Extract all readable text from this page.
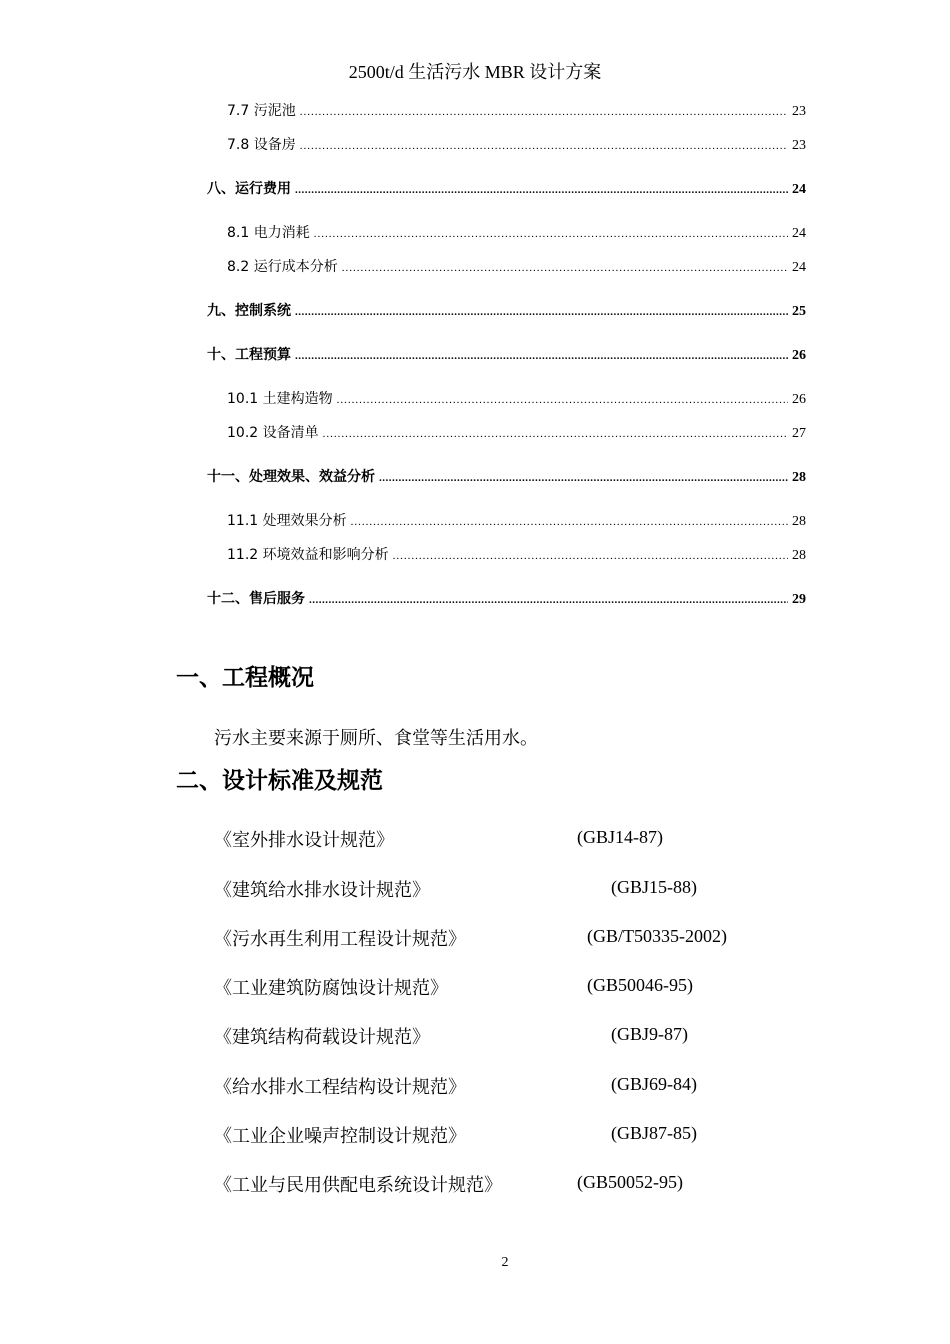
2500t/d 生活污水 MBR 设计方案
7.7 污泥池 .....	23
7.8 设备房 .....	23
八、运行费用 .....	24
8.1 电力消耗 .....	24
8.2 运行成本分析 .....	24
九、控制系统 .....	25
十、工程预算 .....	26
10.1 土建构造物 .....	26
10.2 设备清单 .....	27
十一、处理效果、效益分析 .....	28
11.1 处理效果分析 .....	28
11.2 环境效益和影响分析 .....	28
十二、售后服务 .....	29
一、工程概况
污水主要来源于厕所、食堂等生活用水。
二、设计标准及规范
《室外排水设计规范》	(GBJ14-87)
《建筑给水排水设计规范》	(GBJ15-88)
《污水再生利用工程设计规范》	(GB/T50335-2002)
《工业建筑防腐蚀设计规范》	(GB50046-95)
《建筑结构荷载设计规范》	(GBJ9-87)
《给水排水工程结构设计规范》	(GBJ69-84)
《工业企业噪声控制设计规范》	(GBJ87-85)
《工业与民用供配电系统设计规范》	(GB50052-95)
2
